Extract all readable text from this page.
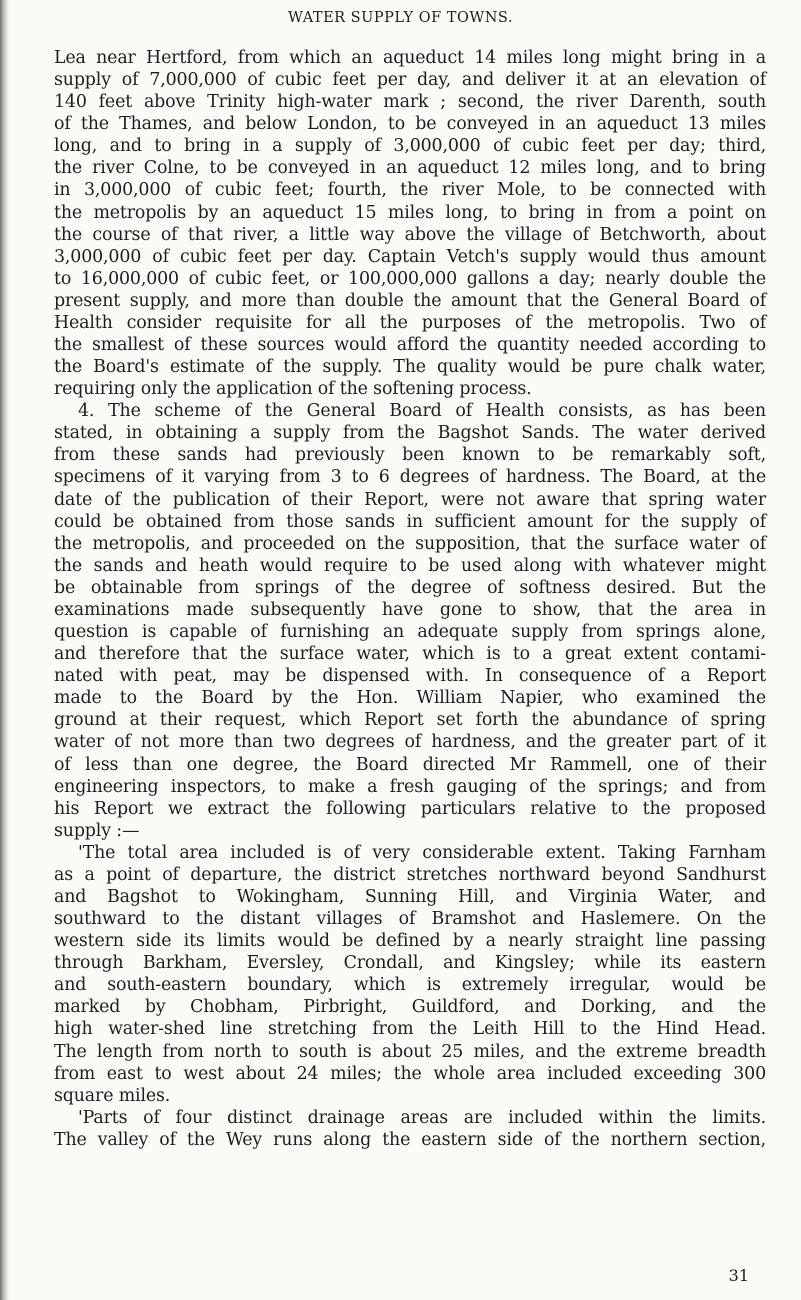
WATER SUPPLY OF TOWNS.
Lea near Hertford, from which an aqueduct 14 miles long might bring in a
supply of 7,000,000 of cubic feet per day, and deliver it at an elevation of
140 feet above Trinity high-water mark ; second, the river Darenth, south
of the Thames, and below London, to be conveyed in an aqueduct 13 miles
long, and to bring in a supply of 3,000,000 of cubic feet per day; third,
the river Colne, to be conveyed in an aqueduct 12 miles long, and to bring
in 3,000,000 of cubic feet; fourth, the river Mole, to be connected with
the metropolis by an aqueduct 15 miles long, to bring in from a point on
the course of that river, a little way above the village of Betchworth, about
3,000,000 of cubic feet per day. Captain Vetch's supply would thus amount
to 16,000,000 of cubic feet, or 100,000,000 gallons a day; nearly double the
present supply, and more than double the amount that the General Board of
Health consider requisite for all the purposes of the metropolis. Two of
the smallest of these sources would afford the quantity needed according to
the Board's estimate of the supply. The quality would be pure chalk water,
requiring only the application of the softening process.
4. The scheme of the General Board of Health consists, as has been
stated, in obtaining a supply from the Bagshot Sands. The water derived
from these sands had previously been known to be remarkably soft,
specimens of it varying from 3 to 6 degrees of hardness. The Board, at the
date of the publication of their Report, were not aware that spring water
could be obtained from those sands in sufficient amount for the supply of
the metropolis, and proceeded on the supposition, that the surface water of
the sands and heath would require to be used along with whatever might
be obtainable from springs of the degree of softness desired. But the
examinations made subsequently have gone to show, that the area in
question is capable of furnishing an adequate supply from springs alone,
and therefore that the surface water, which is to a great extent contami-
nated with peat, may be dispensed with. In consequence of a Report
made to the Board by the Hon. William Napier, who examined the
ground at their request, which Report set forth the abundance of spring
water of not more than two degrees of hardness, and the greater part of it
of less than one degree, the Board directed Mr Rammell, one of their
engineering inspectors, to make a fresh gauging of the springs; and from
his Report we extract the following particulars relative to the proposed
supply :—
'The total area included is of very considerable extent. Taking Farnham
as a point of departure, the district stretches northward beyond Sandhurst
and Bagshot to Wokingham, Sunning Hill, and Virginia Water, and
southward to the distant villages of Bramshot and Haslemere. On the
western side its limits would be defined by a nearly straight line passing
through Barkham, Eversley, Crondall, and Kingsley; while its eastern
and south-eastern boundary, which is extremely irregular, would be
marked by Chobham, Pirbright, Guildford, and Dorking, and the
high water-shed line stretching from the Leith Hill to the Hind Head.
The length from north to south is about 25 miles, and the extreme breadth
from east to west about 24 miles; the whole area included exceeding 300
square miles.
'Parts of four distinct drainage areas are included within the limits.
The valley of the Wey runs along the eastern side of the northern section,
31
